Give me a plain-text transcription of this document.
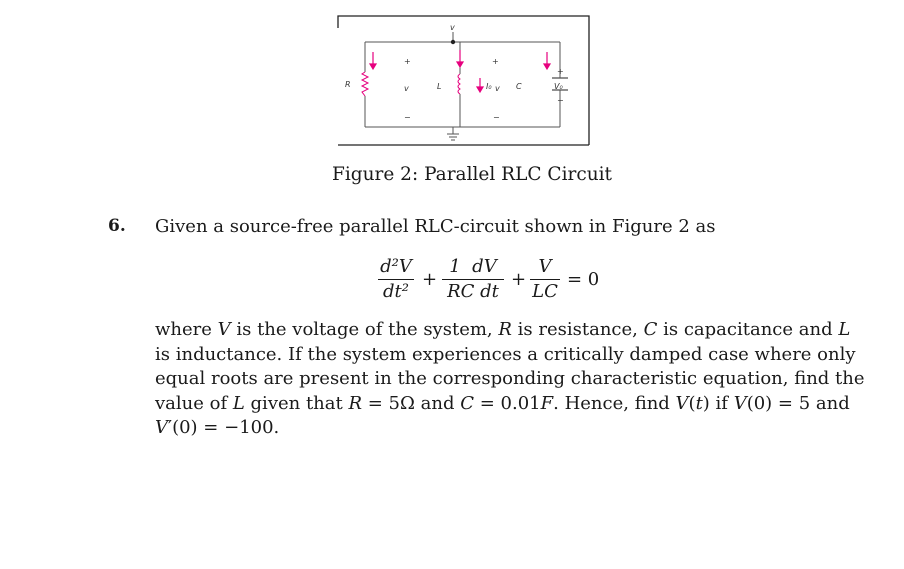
R
+
v
−
L	I₀
+
v
−
v
C
+
V₀
−
Figure 2: Parallel RLC Circuit
6. Given a source-free parallel RLC-circuit shown in Figure 2 as
d²V
dt²
+
1  dV
RC dt
+
V
LC
= 0
where V is the voltage of the system, R is resistance, C is capacitance and L
is inductance. If the system experiences a critically damped case where only
equal roots are present in the corresponding characteristic equation, find the
value of L given that R = 5Ω and C = 0.01F. Hence, find V(t) if V(0) = 5 and
V′(0) = −100.
